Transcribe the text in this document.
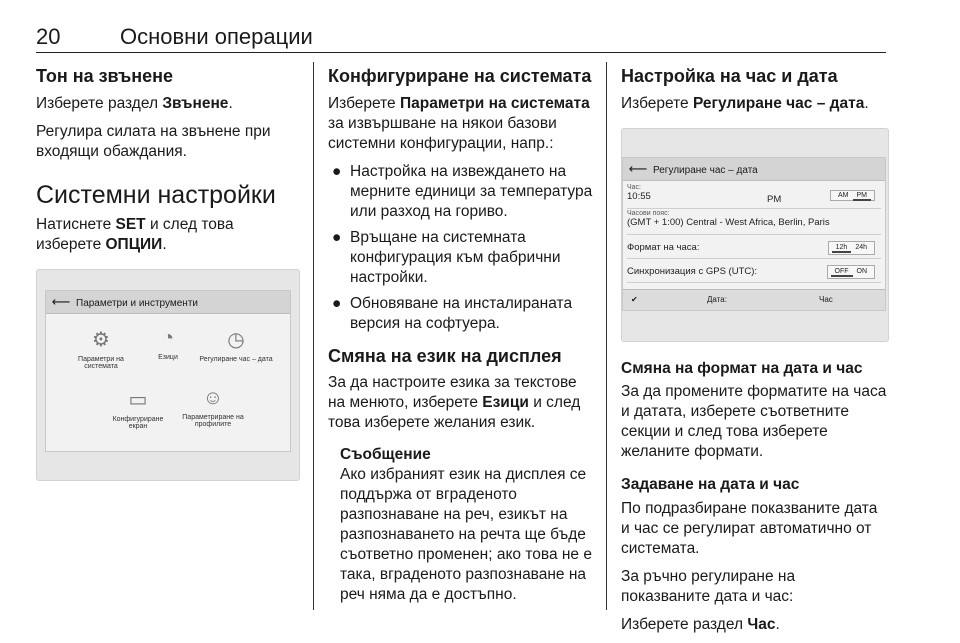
20	Основни операции
Тон на звънене

Изберете раздел Звънене.

Регулира силата на звънене при входящи обаждания.

Системни настройки

Натиснете SET и след това изберете ОПЦИИ.

⟵ Параметри и инструменти
⚙
Параметри на системата
◔
Езици
◷
Регулиране час – дата
▭
Конфигуриране екран
☺
Параметриране на профилите
Конфигуриране на системата

Изберете Параметри на системата за извършване на някои базови системни конфигурации, напр.:

● Настройка на извеждането на мерните единици за температура или разход на гориво.
● Връщане на системната конфигурация към фабрични настройки.
● Обновяване на инсталираната версия на софтуера.
Смяна на език на дисплея

За да настроите езика за текстове на менюто, изберете Езици и след това изберете желания език.

Съобщение

Ако избраният език на дисплея се поддържа от вграденото разпознаване на реч, езикът на разпознаването на речта ще бъде съответно променен; ако това не е така, вграденото разпознаване на реч няма да е достъпно.

Настройка на час и дата

Изберете Регулиране час – дата.

⟵ Регулиране час – дата
Час:
10:55	PM	AM PM
Часови пояс:
(GMT + 1:00) Central - West Africa, Berlin, Paris
Формат на часа:	12h 24h
Синхронизация с GPS (UTC):	OFF ON
✔	Дата:	Час
Смяна на формат на дата и час

За да промените форматите на часа и датата, изберете съответните секции и след това изберете желаните формати.

Задаване на дата и час

По подразбиране показваните дата и час се регулират автоматично от системата.

За ръчно регулиране на показваните дата и час:

Изберете раздел Час.
